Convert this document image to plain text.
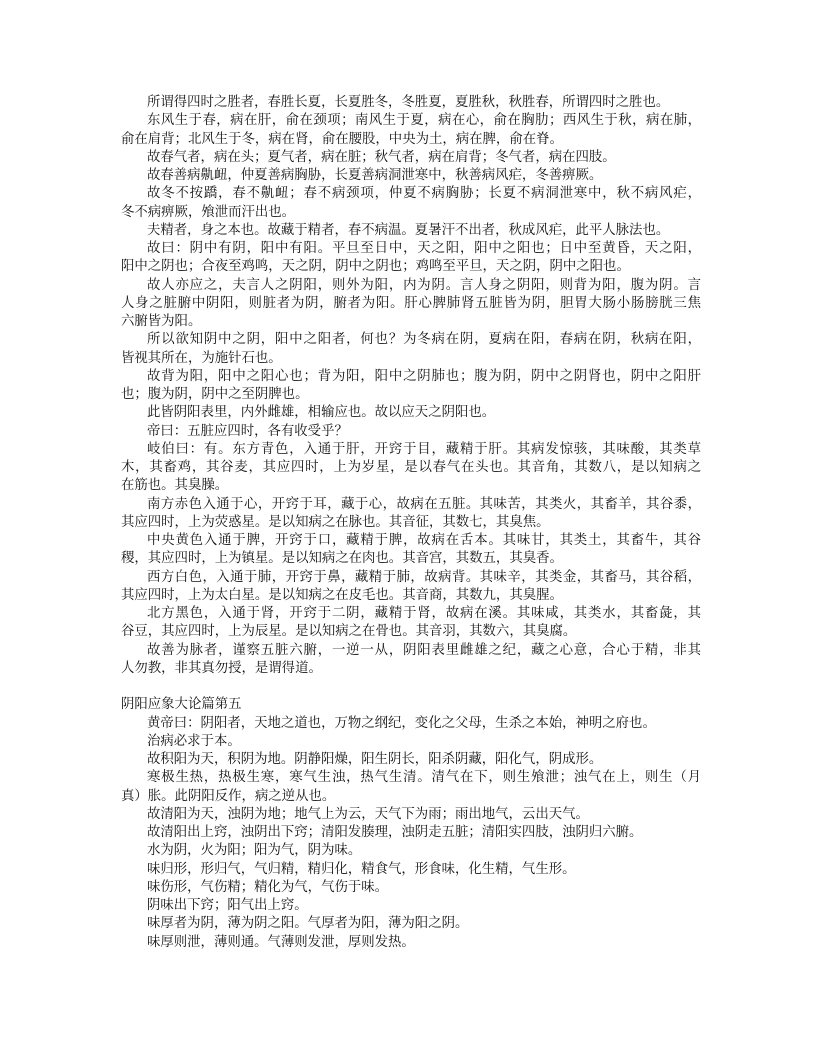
所谓得四时之胜者，春胜长夏，长夏胜冬，冬胜夏，夏胜秋，秋胜春，所谓四时之胜也。
东风生于春，病在肝，俞在颈项；南风生于夏，病在心，俞在胸肋；西风生于秋，病在肺，
俞在肩背；北风生于冬，病在肾，俞在腰股，中央为土，病在脾，俞在脊。
故春气者，病在头；夏气者，病在脏；秋气者，病在肩背；冬气者，病在四肢。
故春善病鼽衄，仲夏善病胸胁，长夏善病洞泄寒中，秋善病风疟，冬善痹厥。
故冬不按蹻，春不鼽衄；春不病颈项，仲夏不病胸胁；长夏不病洞泄寒中，秋不病风疟，
冬不病痹厥，飧泄而汗出也。
夫精者，身之本也。故藏于精者，春不病温。夏暑汗不出者，秋成风疟，此平人脉法也。
故曰：阴中有阴，阳中有阳。平旦至日中，天之阳，阳中之阳也；日中至黄昏，天之阳，
阳中之阴也；合夜至鸡鸣，天之阴，阴中之阴也；鸡鸣至平旦，天之阴，阴中之阳也。
故人亦应之，夫言人之阴阳，则外为阳，内为阴。言人身之阴阳，则背为阳，腹为阴。言
人身之脏腑中阴阳，则脏者为阴，腑者为阳。肝心脾肺肾五脏皆为阴，胆胃大肠小肠膀胱三焦
六腑皆为阳。
所以欲知阴中之阴，阳中之阳者，何也？为冬病在阴，夏病在阳，春病在阴，秋病在阳，
皆视其所在，为施针石也。
故背为阳，阳中之阳心也；背为阳，阳中之阴肺也；腹为阴，阴中之阴肾也，阴中之阳肝
也；腹为阴，阴中之至阴脾也。
此皆阴阳表里，内外雌雄，相输应也。故以应天之阴阳也。
帝曰：五脏应四时，各有收受乎？
岐伯曰：有。东方青色，入通于肝，开窍于目，藏精于肝。其病发惊骇，其味酸，其类草
木，其畜鸡，其谷麦，其应四时，上为岁星，是以春气在头也。其音角，其数八，是以知病之
在筋也。其臭臊。
南方赤色入通于心，开窍于耳，藏于心，故病在五脏。其味苦，其类火，其畜羊，其谷黍，
其应四时，上为荧惑星。是以知病之在脉也。其音征，其数七，其臭焦。
中央黄色入通于脾，开窍于口，藏精于脾，故病在舌本。其味甘，其类土，其畜牛，其谷
稷，其应四时，上为镇星。是以知病之在肉也。其音宫，其数五，其臭香。
西方白色，入通于肺，开窍于鼻，藏精于肺，故病背。其味辛，其类金，其畜马，其谷稻，
其应四时，上为太白星。是以知病之在皮毛也。其音商，其数九，其臭腥。
北方黑色，入通于肾，开窍于二阴，藏精于肾，故病在溪。其味咸，其类水，其畜彘，其
谷豆，其应四时，上为辰星。是以知病之在骨也。其音羽，其数六，其臭腐。
故善为脉者，谨察五脏六腑，一逆一从，阴阳表里雌雄之纪，藏之心意，合心于精，非其
人勿教，非其真勿授，是谓得道。
阴阳应象大论篇第五
黄帝曰：阴阳者，天地之道也，万物之纲纪，变化之父母，生杀之本始，神明之府也。
治病必求于本。
故积阳为天，积阴为地。阴静阳燥，阳生阴长，阳杀阴藏，阳化气，阴成形。
寒极生热，热极生寒，寒气生浊，热气生清。清气在下，则生飧泄；浊气在上，则生（月
真）胀。此阴阳反作，病之逆从也。
故清阳为天，浊阴为地；地气上为云，天气下为雨；雨出地气，云出天气。
故清阳出上窍，浊阴出下窍；清阳发腠理，浊阴走五脏；清阳实四肢，浊阴归六腑。
水为阴，火为阳；阳为气，阴为味。
味归形，形归气，气归精，精归化，精食气，形食味，化生精，气生形。
味伤形，气伤精；精化为气，气伤于味。
阴味出下窍；阳气出上窍。
味厚者为阴，薄为阴之阳。气厚者为阳，薄为阳之阴。
味厚则泄，薄则通。气薄则发泄，厚则发热。
